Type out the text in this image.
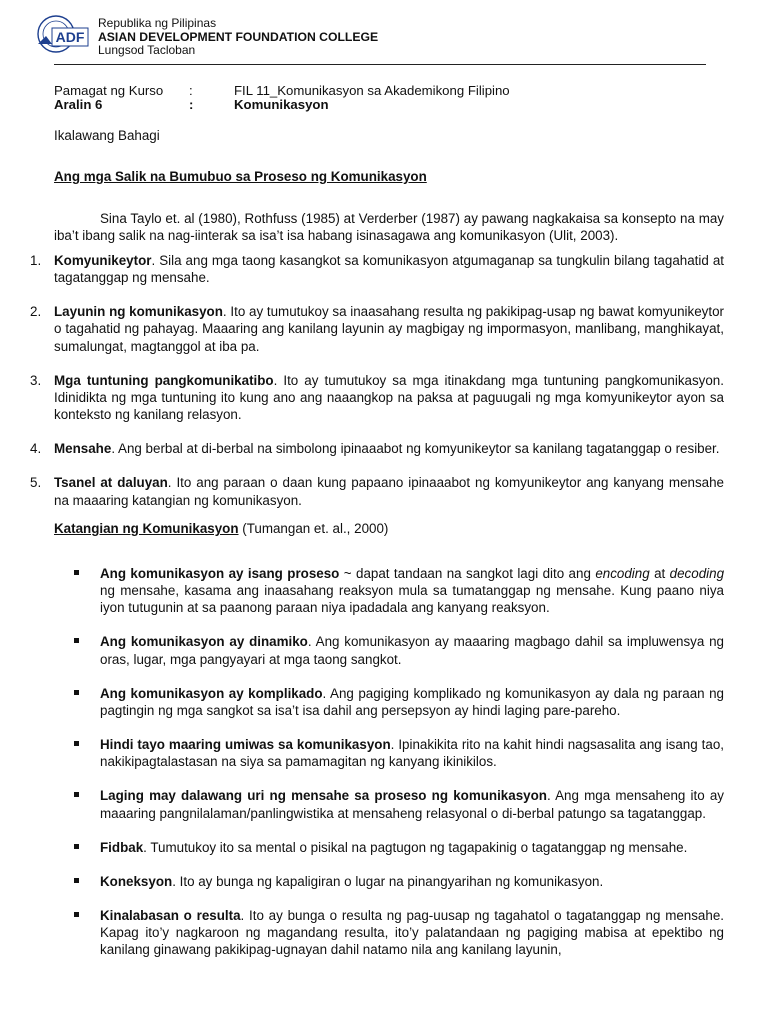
ADF
Republika ng Pilipinas
ASIAN DEVELOPMENT FOUNDATION COLLEGE
Lungsod Tacloban
Pamagat ng Kurso :	FIL 11_Komunikasyon sa Akademikong Filipino
Aralin 6	:	Komunikasyon
Ikalawang Bahagi
Ang mga Salik na Bumubuo sa Proseso ng Komunikasyon

Sina Taylo et. al (1980), Rothfuss (1985) at Verderber (1987) ay pawang nagkakaisa sa konsepto na may iba’t ibang salik na nag-iinterak sa isa’t isa habang isinasagawa ang komunikasyon (Ulit, 2003).

1. Komyunikeytor. Sila ang mga taong kasangkot sa komunikasyon atgumaganap sa tungkulin bilang tagahatid at tagatanggap ng mensahe.
2. Layunin ng komunikasyon. Ito ay tumutukoy sa inaasahang resulta ng pakikipag-usap ng bawat komyunikeytor o tagahatid ng pahayag. Maaaring ang kanilang layunin ay magbigay ng impormasyon, manlibang, manghikayat, sumalungat, magtanggol at iba pa.
3. Mga tuntuning pangkomunikatibo. Ito ay tumutukoy sa mga itinakdang mga tuntuning pangkomunikasyon. Idinidikta ng mga tuntuning ito kung ano ang naaangkop na paksa at paguugali ng mga komyunikeytor ayon sa konteksto ng kanilang relasyon.
4. Mensahe. Ang berbal at di-berbal na simbolong ipinaaabot ng komyunikeytor sa kanilang tagatanggap o resiber.
5. Tsanel at daluyan. Ito ang paraan o daan kung papaano ipinaaabot ng komyunikeytor ang kanyang mensahe na maaaring katangian ng komunikasyon.
Katangian ng Komunikasyon (Tumangan et. al., 2000)
Ang komunikasyon ay isang proseso ~ dapat tandaan na sangkot lagi dito ang encoding at decoding ng mensahe, kasama ang inaasahang reaksyon mula sa tumatanggap ng mensahe. Kung paano niya iyon tutugunin at sa paanong paraan niya ipadadala ang kanyang reaksyon.
Ang komunikasyon ay dinamiko. Ang komunikasyon ay maaaring magbago dahil sa impluwensya ng oras, lugar, mga pangyayari at mga taong sangkot.
Ang komunikasyon ay komplikado. Ang pagiging komplikado ng komunikasyon ay dala ng paraan ng pagtingin ng mga sangkot sa isa’t isa dahil ang persepsyon ay hindi laging pare-pareho.
Hindi tayo maaring umiwas sa komunikasyon. Ipinakikita rito na kahit hindi nagsasalita ang isang tao, nakikipagtalastasan na siya sa pamamagitan ng kanyang ikinikilos.
Laging may dalawang uri ng mensahe sa proseso ng komunikasyon. Ang mga mensaheng ito ay maaaring pangnilalaman/panlingwistika at mensaheng relasyonal o di-berbal patungo sa tagatanggap.
Fidbak. Tumutukoy ito sa mental o pisikal na pagtugon ng tagapakinig o tagatanggap ng mensahe.
Koneksyon. Ito ay bunga ng kapaligiran o lugar na pinangyarihan ng komunikasyon.
Kinalabasan o resulta. Ito ay bunga o resulta ng pag-uusap ng tagahatol o tagatanggap ng mensahe. Kapag ito’y nagkaroon ng magandang resulta, ito’y palatandaan ng pagiging mabisa at epektibo ng kanilang ginawang pakikipag-ugnayan dahil natamo nila ang kanilang layunin,
